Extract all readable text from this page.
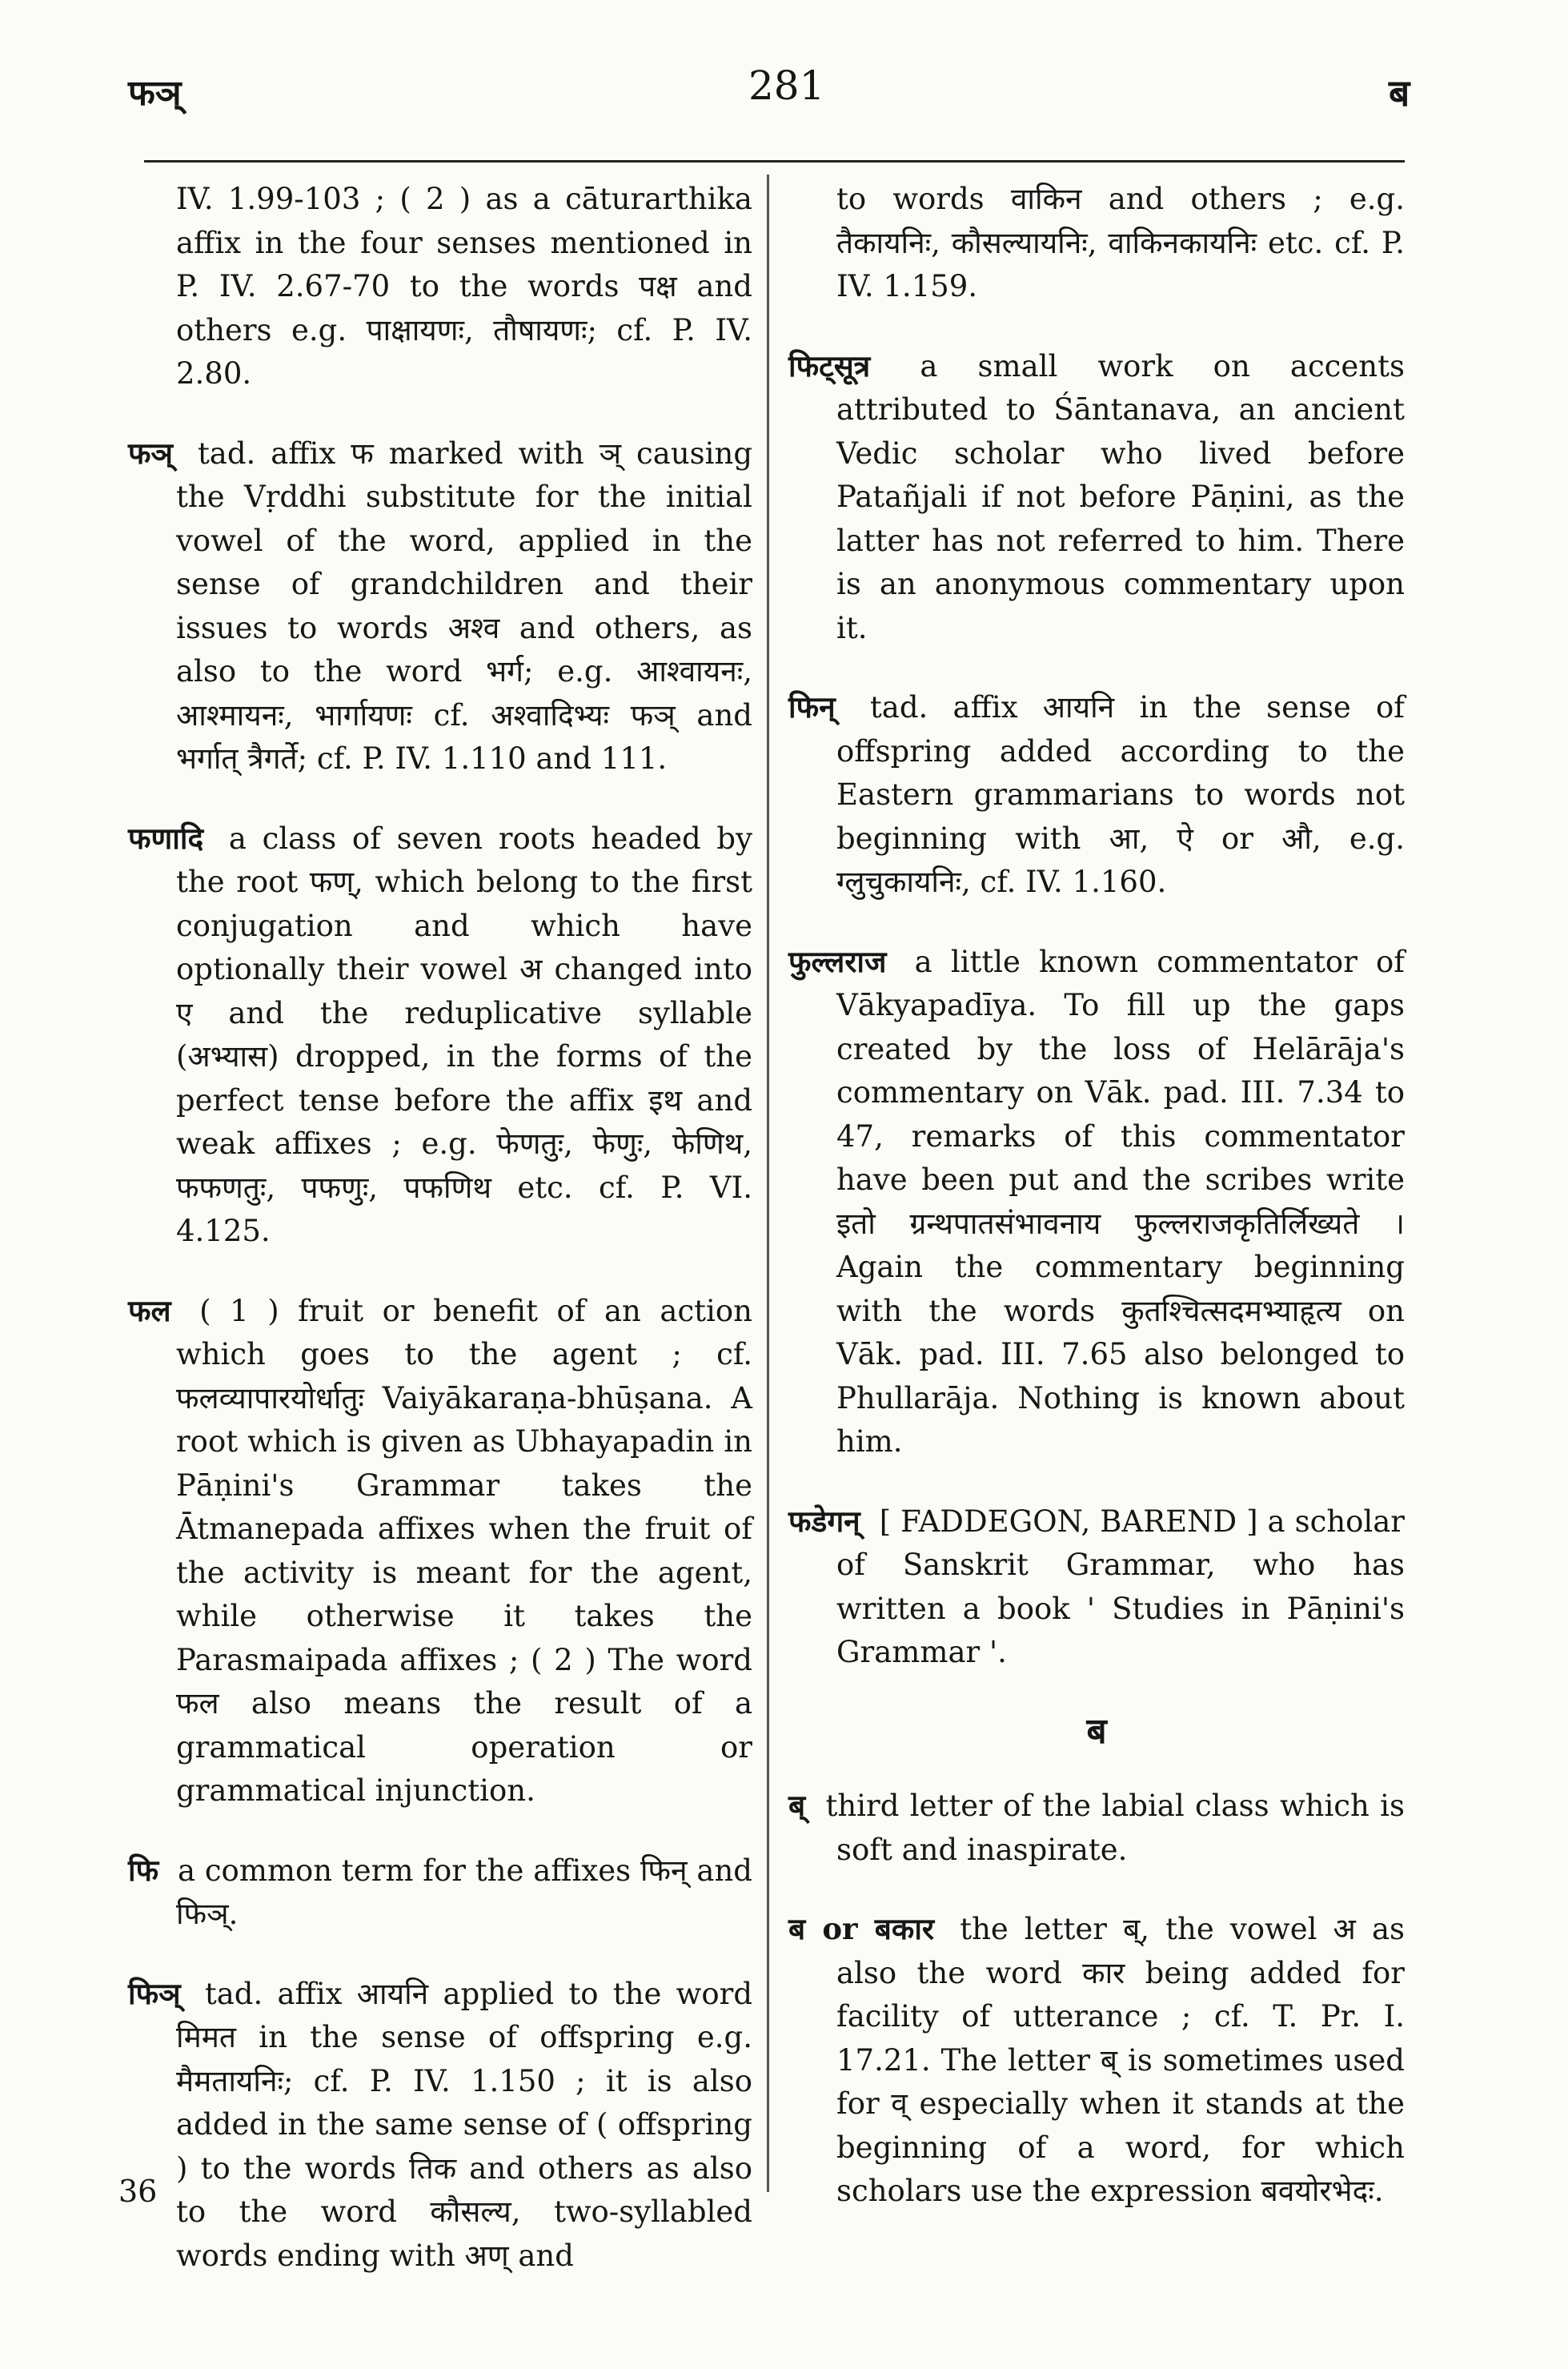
फञ्	281	ब
IV. 1.99-103 ; ( 2 ) as a cāturarthika affix in the four senses mentioned in P. IV. 2.67-70 to the words पक्ष and others e.g. पाक्षायणः, तौषायणः; cf. P. IV. 2.80.
फञ् tad. affix फ marked with ञ् causing the Vṛddhi substitute for the initial vowel of the word, applied in the sense of grandchildren and their issues to words अश्व and others, as also to the word भर्ग; e.g. आश्वायनः, आश्मायनः, भार्गायणः cf. अश्वादिभ्यः फञ् and भर्गात् त्रैगर्ते; cf. P. IV. 1.110 and 111.
फणादि a class of seven roots headed by the root फण्, which belong to the first conjugation and which have optionally their vowel अ changed into ए and the reduplicative syllable (अभ्यास) dropped, in the forms of the perfect tense before the affix इथ and weak affixes ; e.g. फेणतुः, फेणुः, फेणिथ, फफणतुः, पफणुः, पफणिथ etc. cf. P. VI. 4.125.
फल ( 1 ) fruit or benefit of an action which goes to the agent ; cf. फलव्यापारयोर्धातुः Vaiyākaraṇa-bhūṣana. A root which is given as Ubhayapadin in Pāṇini's Grammar takes the Ātmanepada affixes when the fruit of the activity is meant for the agent, while otherwise it takes the Parasmaipada affixes ; ( 2 ) The word फल also means the result of a grammatical operation or grammatical injunction.
फि a common term for the affixes फिन् and फिञ्.
फिञ् tad. affix आयनि applied to the word मिमत in the sense of offspring e.g. मैमतायनिः; cf. P. IV. 1.150 ; it is also added in the same sense of ( offspring ) to the words तिक and others as also to the word कौसल्य, two-syllabled words ending with अण् and
to words वाकिन and others ; e.g. तैकायनिः, कौसल्यायनिः, वाकिनकायनिः etc. cf. P. IV. 1.159.
फिट्सूत्र a small work on accents attributed to Śāntanava, an ancient Vedic scholar who lived before Patañjali if not before Pāṇini, as the latter has not referred to him. There is an anonymous commentary upon it.
फिन् tad. affix आयनि in the sense of offspring added according to the Eastern grammarians to words not beginning with आ, ऐ or औ, e.g. ग्लुचुकायनिः, cf. IV. 1.160.
फुल्लराज a little known commentator of Vākyapadīya. To fill up the gaps created by the loss of Helārāja's commentary on Vāk. pad. III. 7.34 to 47, remarks of this commentator have been put and the scribes write इतो ग्रन्थपातसंभावनाय फुल्लराजकृतिर्लिख्यते । Again the commentary beginning with the words कुतश्चित्सदमभ्याहृत्य on Vāk. pad. III. 7.65 also belonged to Phullarāja. Nothing is known about him.
फडेगन् [ FADDEGON, BAREND ] a scholar of Sanskrit Grammar, who has written a book ' Studies in Pāṇini's Grammar '.
ब
ब् third letter of the labial class which is soft and inaspirate.
ब or बकार the letter ब्, the vowel अ as also the word कार being added for facility of utterance ; cf. T. Pr. I. 17.21. The letter ब् is sometimes used for व् especially when it stands at the beginning of a word, for which scholars use the expression बवयोरभेदः.
36
